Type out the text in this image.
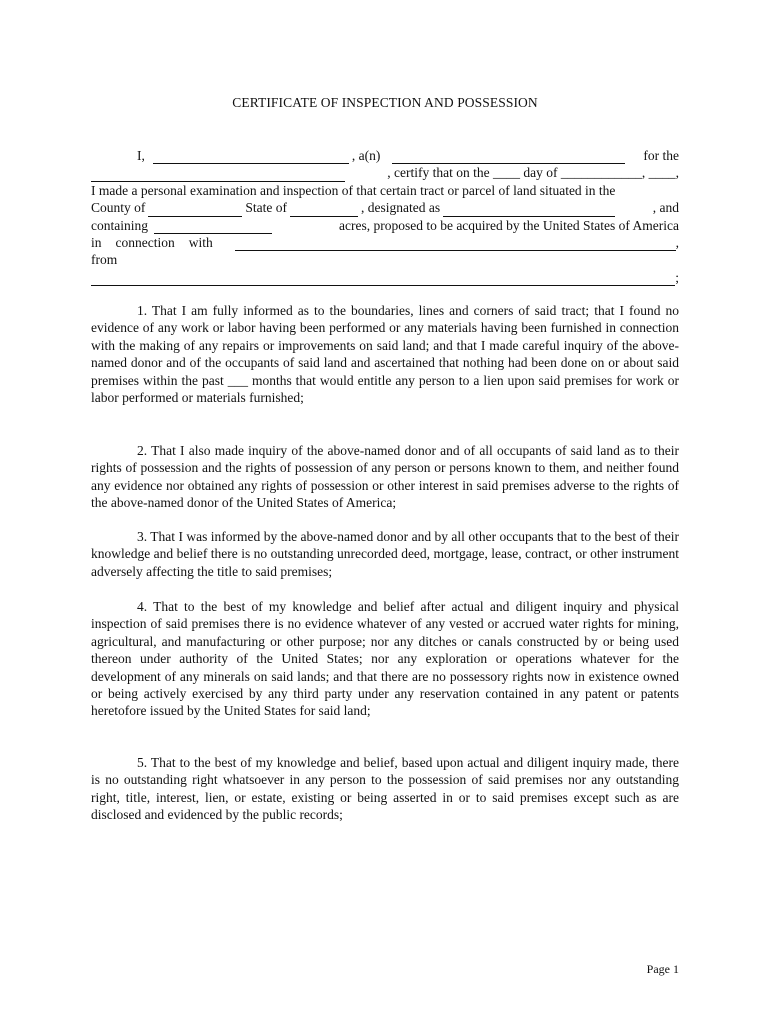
CERTIFICATE OF INSPECTION AND POSSESSION
I,	, a(n)	for the
, certify that on the ____ day of ____________, ____,
I made a personal examination and inspection of that certain tract or parcel of land situated in the
County of	State of	, designated as	, and
containing	acres, proposed to be acquired by the United States of America
in connection with	,
from
;
1. That I am fully informed as to the boundaries, lines and corners of said tract; that I found no evidence of any work or labor having been performed or any materials having been furnished in connection with the making of any repairs or improvements on said land; and that I made careful inquiry of the above-named donor and of the occupants of said land and ascertained that nothing had been done on or about said premises within the past ___ months that would entitle any person to a lien upon said premises for work or labor performed or materials furnished;
2. That I also made inquiry of the above-named donor and of all occupants of said land as to their rights of possession and the rights of possession of any person or persons known to them, and neither found any evidence nor obtained any rights of possession or other interest in said premises adverse to the rights of the above-named donor of the United States of America;
3. That I was informed by the above-named donor and by all other occupants that to the best of their knowledge and belief there is no outstanding unrecorded deed, mortgage, lease, contract, or other instrument adversely affecting the title to said premises;
4. That to the best of my knowledge and belief after actual and diligent inquiry and physical inspection of said premises there is no evidence whatever of any vested or accrued water rights for mining, agricultural, and manufacturing or other purpose; nor any ditches or canals constructed by or being used thereon under authority of the United States; nor any exploration or operations whatever for the development of any minerals on said lands; and that there are no possessory rights now in existence owned or being actively exercised by any third party under any reservation contained in any patent or patents heretofore issued by the United States for said land;
5. That to the best of my knowledge and belief, based upon actual and diligent inquiry made, there is no outstanding right whatsoever in any person to the possession of said premises nor any outstanding right, title, interest, lien, or estate, existing or being asserted in or to said premises except such as are disclosed and evidenced by the public records;
Page 1
